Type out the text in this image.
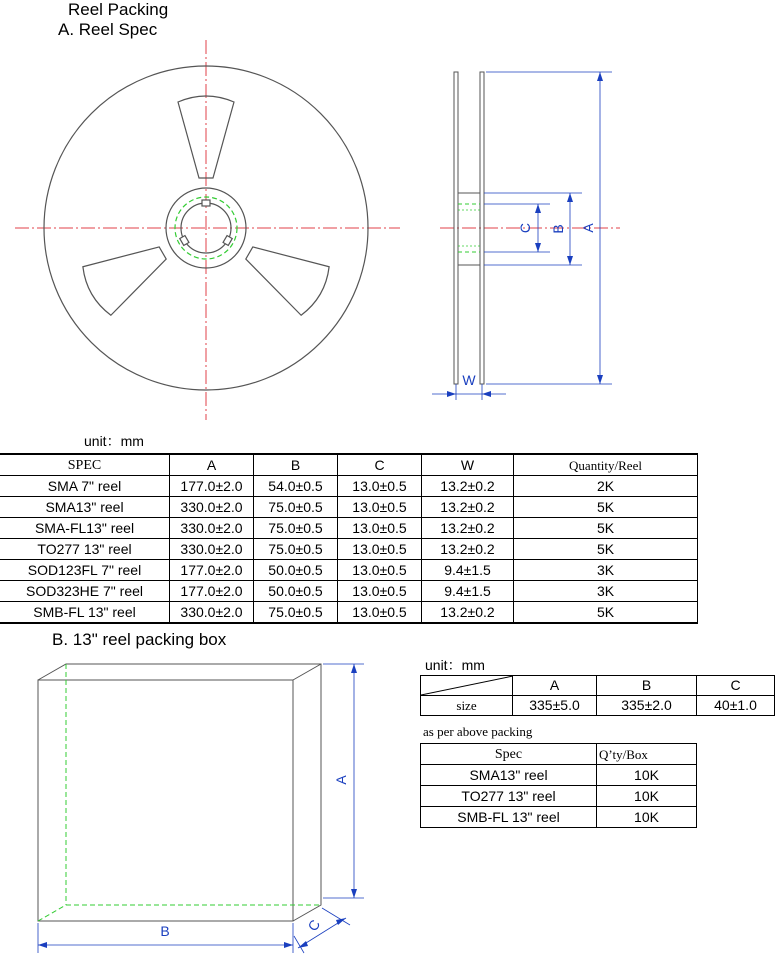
Reel Packing
A. Reel Spec
B. 13" reel packing box
A
B
C
W
A
B	C
unit：mm
SPEC	A	B	C	W	Quantity/Reel
SMA 7" reel	177.0±2.0	54.0±0.5	13.0±0.5	13.2±0.2	2K
SMA13" reel	330.0±2.0	75.0±0.5	13.0±0.5	13.2±0.2	5K
SMA-FL13" reel	330.0±2.0	75.0±0.5	13.0±0.5	13.2±0.2	5K
TO277 13" reel	330.0±2.0	75.0±0.5	13.0±0.5	13.2±0.2	5K
SOD123FL 7" reel	177.0±2.0	50.0±0.5	13.0±0.5	9.4±1.5	3K
SOD323HE 7" reel	177.0±2.0	50.0±0.5	13.0±0.5	9.4±1.5	3K
SMB-FL 13" reel	330.0±2.0	75.0±0.5	13.0±0.5	13.2±0.2	5K
unit：mm
	A	B	C
size	335±5.0	335±2.0	40±1.0
as per above packing
Spec	Q’ty/Box
SMA13" reel	10K
TO277 13" reel	10K
SMB-FL 13" reel	10K
